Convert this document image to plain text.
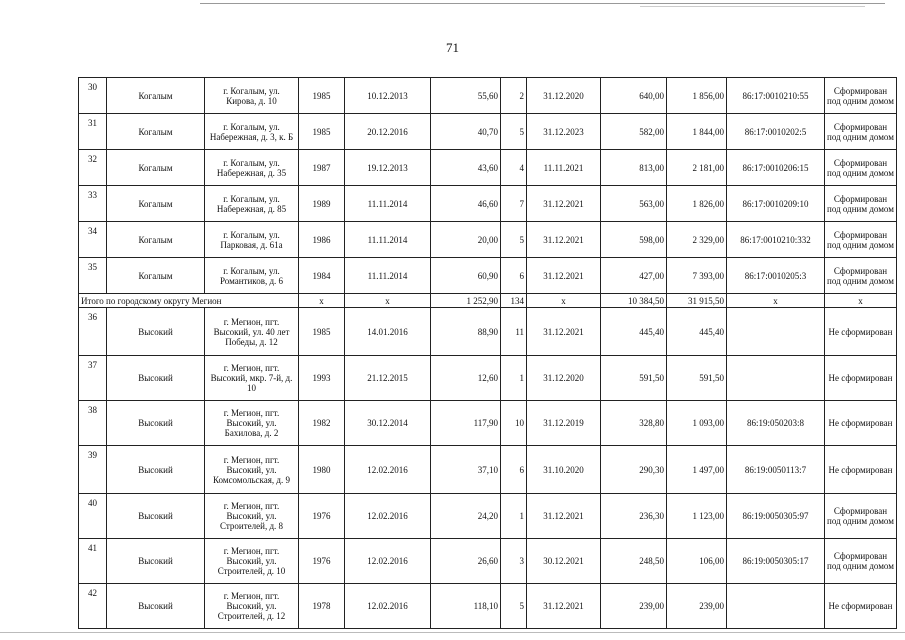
71
30	Когалым	г. Когалым, ул. Кирова, д. 10	1985	10.12.2013	55,60	2	31.12.2020	640,00	1 856,00	86:17:0010210:55	Сформирован под одним домом
31	Когалым	г. Когалым, ул. Набережная, д. 3, к. Б	1985	20.12.2016	40,70	5	31.12.2023	582,00	1 844,00	86:17:0010202:5	Сформирован под одним домом
32	Когалым	г. Когалым, ул. Набережная, д. 35	1987	19.12.2013	43,60	4	11.11.2021	813,00	2 181,00	86:17:0010206:15	Сформирован под одним домом
33	Когалым	г. Когалым, ул. Набережная, д. 85	1989	11.11.2014	46,60	7	31.12.2021	563,00	1 826,00	86:17:0010209:10	Сформирован под одним домом
34	Когалым	г. Когалым, ул. Парковая, д. 61а	1986	11.11.2014	20,00	5	31.12.2021	598,00	2 329,00	86:17:0010210:332	Сформирован под одним домом
35	Когалым	г. Когалым, ул. Романтиков, д. 6	1984	11.11.2014	60,90	6	31.12.2021	427,00	7 393,00	86:17:0010205:3	Сформирован под одним домом
Итого по городскому округу Мегион			х	х	1 252,90	134	х	10 384,50	31 915,50	х	х
36	Высокий	г. Мегион, пгт. Высокий, ул. 40 лет Победы, д. 12	1985	14.01.2016	88,90	11	31.12.2021	445,40	445,40		Не сформирован
37	Высокий	г. Мегион, пгт. Высокий, мкр. 7-й, д. 10	1993	21.12.2015	12,60	1	31.12.2020	591,50	591,50		Не сформирован
38	Высокий	г. Мегион, пгт. Высокий, ул. Бахилова, д. 2	1982	30.12.2014	117,90	10	31.12.2019	328,80	1 093,00	86:19:050203:8	Не сформирован
39	Высокий	г. Мегион, пгт. Высокий, ул. Комсомольская, д. 9	1980	12.02.2016	37,10	6	31.10.2020	290,30	1 497,00	86:19:0050113:7	Не сформирован
40	Высокий	г. Мегион, пгт. Высокий, ул. Строителей, д. 8	1976	12.02.2016	24,20	1	31.12.2021	236,30	1 123,00	86:19:0050305:97	Сформирован под одним домом
41	Высокий	г. Мегион, пгт. Высокий, ул. Строителей, д. 10	1976	12.02.2016	26,60	3	30.12.2021	248,50	106,00	86:19:0050305:17	Сформирован под одним домом
42	Высокий	г. Мегион, пгт. Высокий, ул. Строителей, д. 12	1978	12.02.2016	118,10	5	31.12.2021	239,00	239,00		Не сформирован
